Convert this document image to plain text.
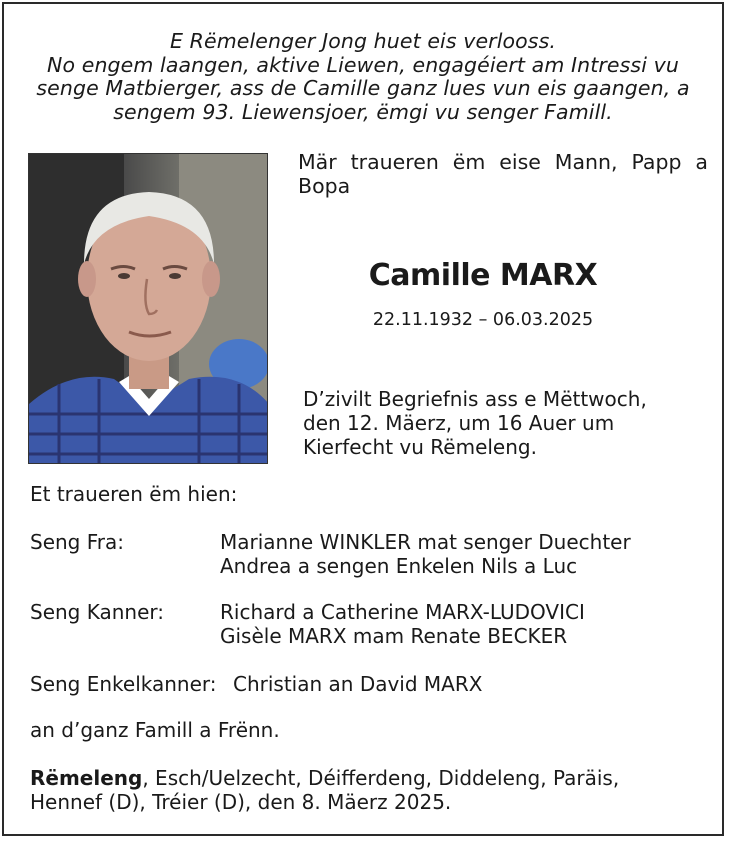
E Rëmelenger Jong huet eis verlooss.
No engem laangen, aktive Liewen, engagéiert am Intressi vu
senge Matbierger, ass de Camille ganz lues vun eis gaangen, a
sengem 93. Liewensjoer, ëmgi vu senger Famill.
Mär traueren ëm eise Mann, Papp a Bopa
Camille MARX
22.11.1932 – 06.03.2025
D’zivilt Begriefnis ass e Mëttwoch,
den 12. Mäerz, um 16 Auer um
Kierfecht vu Rëmeleng.
Et traueren ëm hien:
Seng Fra:	Marianne WINKLER mat senger Duechter
Andrea a sengen Enkelen Nils a Luc
Seng Kanner:	Richard a Catherine MARX-LUDOVICI
Gisèle MARX mam Renate BECKER
Seng Enkelkanner: Christian an David MARX
an d’ganz Famill a Frënn.
Rëmeleng, Esch/Uelzecht, Déifferdeng, Diddeleng, Paräis,
Hennef (D), Tréier (D), den 8. Mäerz 2025.
